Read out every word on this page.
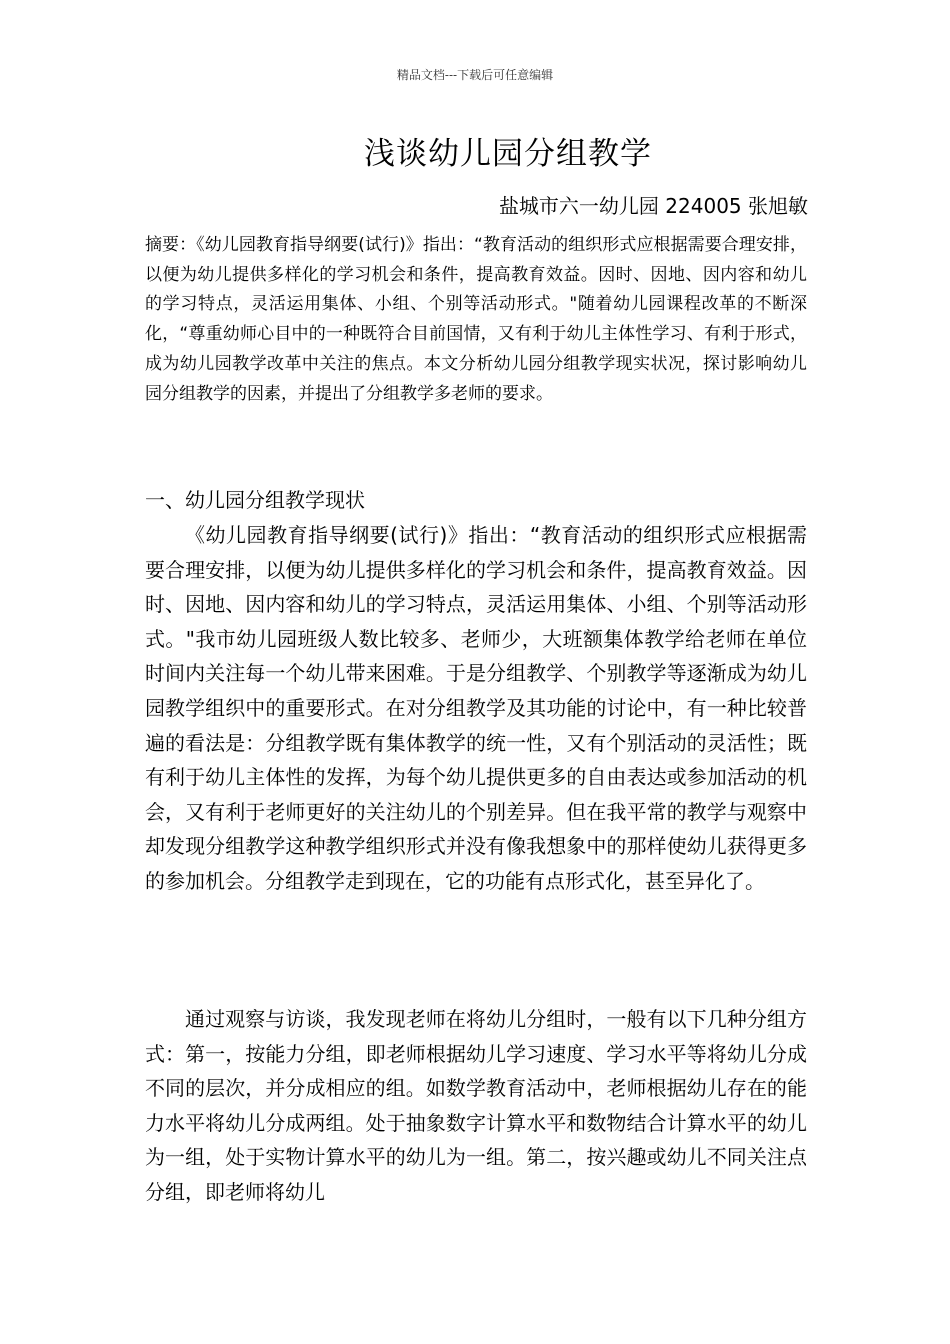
精品文档---下载后可任意编辑
浅谈幼儿园分组教学
盐城市六一幼儿园 224005 张旭敏

摘要：《幼儿园教育指导纲要(试行)》指出：“教育活动的组织形式应根据需要合理安排，以便为幼儿提供多样化的学习机会和条件，提高教育效益。因时、因地、因内容和幼儿的学习特点，灵活运用集体、小组、个别等活动形式。"随着幼儿园课程改革的不断深化，“尊重幼师心目中的一种既符合目前国情，又有利于幼儿主体性学习、有利于形式，成为幼儿园教学改革中关注的焦点。本文分析幼儿园分组教学现实状况，探讨影响幼儿园分组教学的因素，并提出了分组教学多老师的要求。

一、幼儿园分组教学现状

《幼儿园教育指导纲要(试行)》指出：“教育活动的组织形式应根据需要合理安排，以便为幼儿提供多样化的学习机会和条件，提高教育效益。因时、因地、因内容和幼儿的学习特点，灵活运用集体、小组、个别等活动形式。"我市幼儿园班级人数比较多、老师少，大班额集体教学给老师在单位时间内关注每一个幼儿带来困难。于是分组教学、个别教学等逐渐成为幼儿园教学组织中的重要形式。在对分组教学及其功能的讨论中，有一种比较普遍的看法是：分组教学既有集体教学的统一性，又有个别活动的灵活性；既有利于幼儿主体性的发挥，为每个幼儿提供更多的自由表达或参加活动的机会，又有利于老师更好的关注幼儿的个别差异。但在我平常的教学与观察中却发现分组教学这种教学组织形式并没有像我想象中的那样使幼儿获得更多的参加机会。分组教学走到现在，它的功能有点形式化，甚至异化了。

通过观察与访谈，我发现老师在将幼儿分组时，一般有以下几种分组方式：第一，按能力分组，即老师根据幼儿学习速度、学习水平等将幼儿分成不同的层次，并分成相应的组。如数学教育活动中，老师根据幼儿存在的能力水平将幼儿分成两组。处于抽象数字计算水平和数物结合计算水平的幼儿为一组，处于实物计算水平的幼儿为一组。第二，按兴趣或幼儿不同关注点分组，即老师将幼儿
